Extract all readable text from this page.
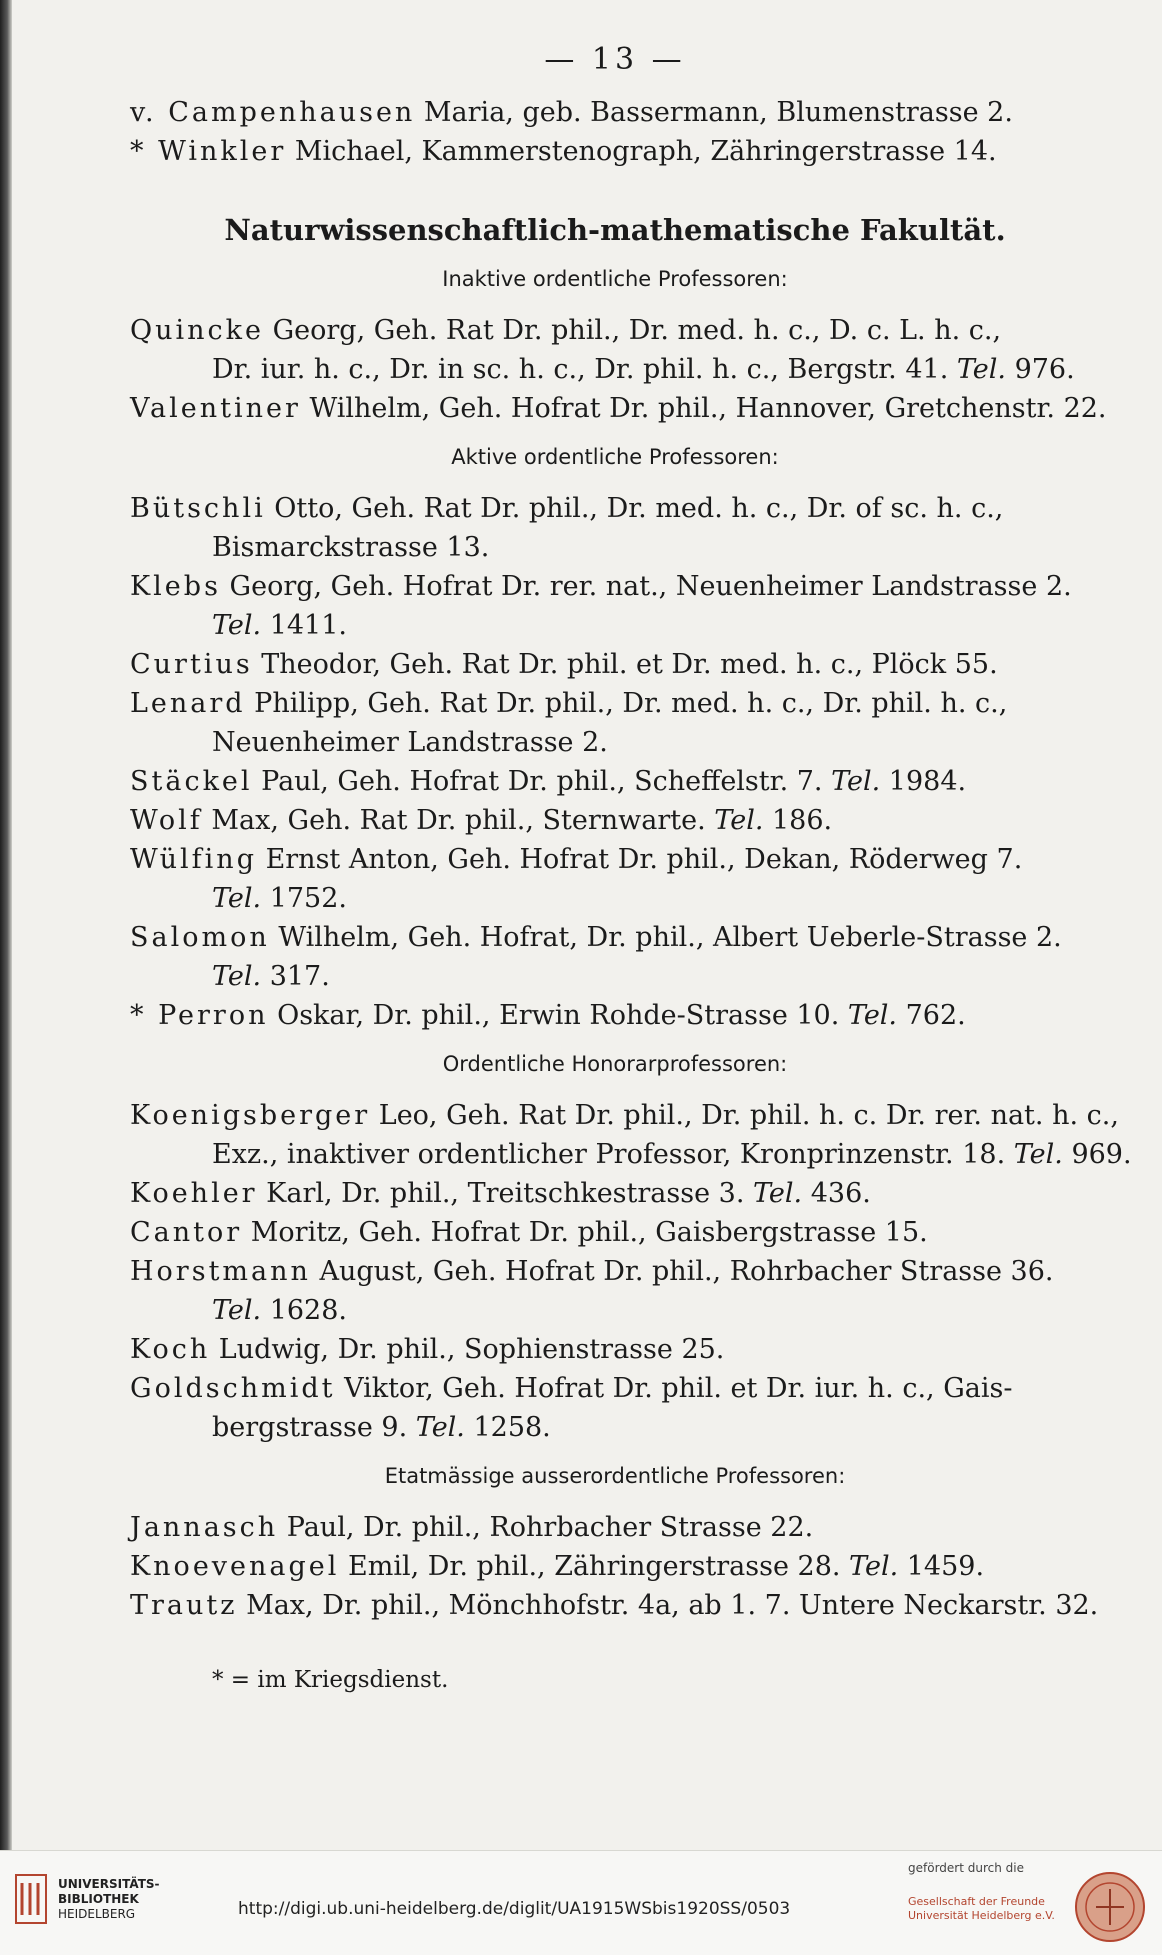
— 13 —
v. Campenhausen Maria, geb. Bassermann, Blumenstrasse 2.
* Winkler Michael, Kammerstenograph, Zähringerstrasse 14.
Naturwissenschaftlich-mathematische Fakultät.
Inaktive ordentliche Professoren:
Quincke Georg, Geh. Rat Dr. phil., Dr. med. h. c., D. c. L. h. c.,
Dr. iur. h. c., Dr. in sc. h. c., Dr. phil. h. c., Bergstr. 41. Tel. 976.
Valentiner Wilhelm, Geh. Hofrat Dr. phil., Hannover, Gretchenstr. 22.
Aktive ordentliche Professoren:
Bütschli Otto, Geh. Rat Dr. phil., Dr. med. h. c., Dr. of sc. h. c.,
Bismarckstrasse 13.
Klebs Georg, Geh. Hofrat Dr. rer. nat., Neuenheimer Landstrasse 2.
Tel. 1411.
Curtius Theodor, Geh. Rat Dr. phil. et Dr. med. h. c., Plöck 55.
Lenard Philipp, Geh. Rat Dr. phil., Dr. med. h. c., Dr. phil. h. c.,
Neuenheimer Landstrasse 2.
Stäckel Paul, Geh. Hofrat Dr. phil., Scheffelstr. 7. Tel. 1984.
Wolf Max, Geh. Rat Dr. phil., Sternwarte. Tel. 186.
Wülfing Ernst Anton, Geh. Hofrat Dr. phil., Dekan, Röderweg 7.
Tel. 1752.
Salomon Wilhelm, Geh. Hofrat, Dr. phil., Albert Ueberle-Strasse 2.
Tel. 317.
* Perron Oskar, Dr. phil., Erwin Rohde-Strasse 10. Tel. 762.
Ordentliche Honorarprofessoren:
Koenigsberger Leo, Geh. Rat Dr. phil., Dr. phil. h. c. Dr. rer. nat. h. c.,
Exz., inaktiver ordentlicher Professor, Kronprinzenstr. 18. Tel. 969.
Koehler Karl, Dr. phil., Treitschkestrasse 3. Tel. 436.
Cantor Moritz, Geh. Hofrat Dr. phil., Gaisbergstrasse 15.
Horstmann August, Geh. Hofrat Dr. phil., Rohrbacher Strasse 36.
Tel. 1628.
Koch Ludwig, Dr. phil., Sophienstrasse 25.
Goldschmidt Viktor, Geh. Hofrat Dr. phil. et Dr. iur. h. c., Gais-
bergstrasse 9. Tel. 1258.
Etatmässige ausserordentliche Professoren:
Jannasch Paul, Dr. phil., Rohrbacher Strasse 22.
Knoevenagel Emil, Dr. phil., Zähringerstrasse 28. Tel. 1459.
Trautz Max, Dr. phil., Mönchhofstr. 4a, ab 1. 7. Untere Neckarstr. 32.
* = im Kriegsdienst.
UNIVERSITÄTS-
BIBLIOTHEK
HEIDELBERG	http://digi.ub.uni-heidelberg.de/diglit/UA1915WSbis1920SS/0503
gefördert durch die
Gesellschaft der Freunde
Universität Heidelberg e.V.
